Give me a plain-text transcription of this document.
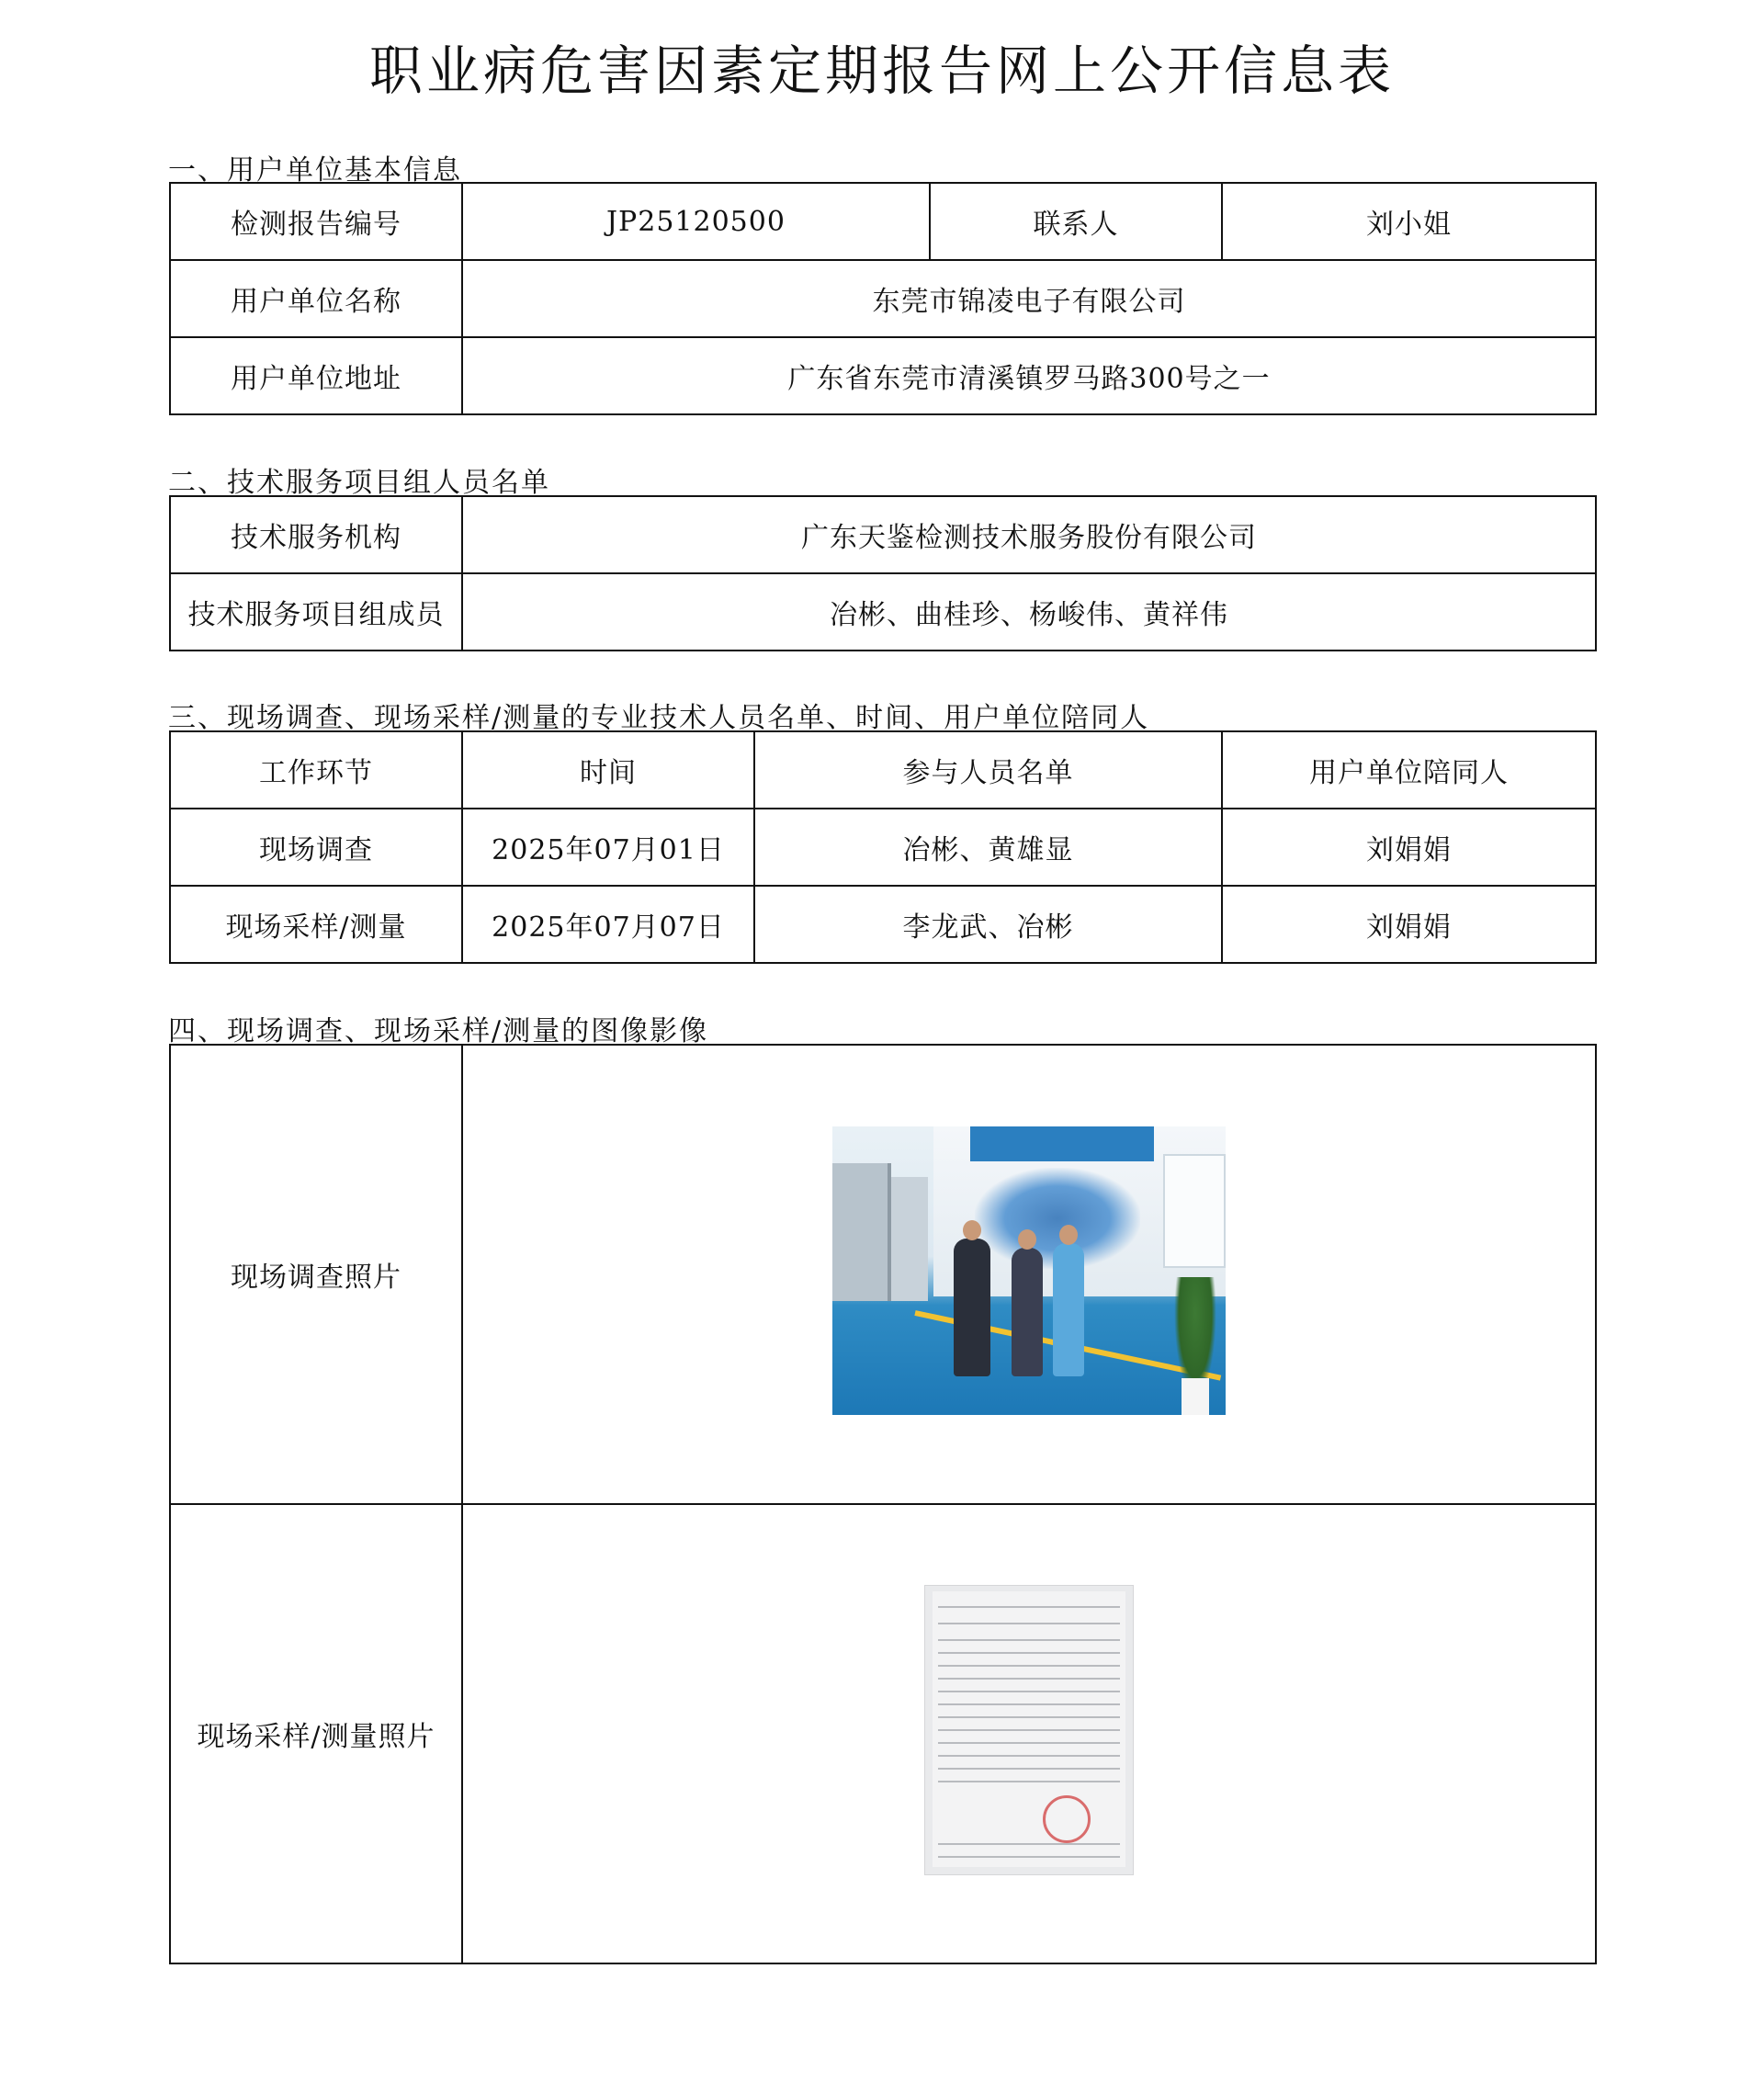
职业病危害因素定期报告网上公开信息表
一、用户单位基本信息
检测报告编号	JP25120500	联系人	刘小姐
用户单位名称	东莞市锦凌电子有限公司		
用户单位地址	广东省东莞市清溪镇罗马路300号之一		
二、技术服务项目组人员名单
技术服务机构	广东天鉴检测技术服务股份有限公司
技术服务项目组成员	冶彬、曲桂珍、杨峻伟、黄祥伟
三、现场调查、现场采样/测量的专业技术人员名单、时间、用户单位陪同人
工作环节	时间	参与人员名单	用户单位陪同人
现场调查	2025年07月01日	冶彬、黄雄显	刘娟娟
现场采样/测量	2025年07月07日	李龙武、冶彬	刘娟娟
四、现场调查、现场采样/测量的图像影像
现场调查照片	

现场采样/测量照片	
